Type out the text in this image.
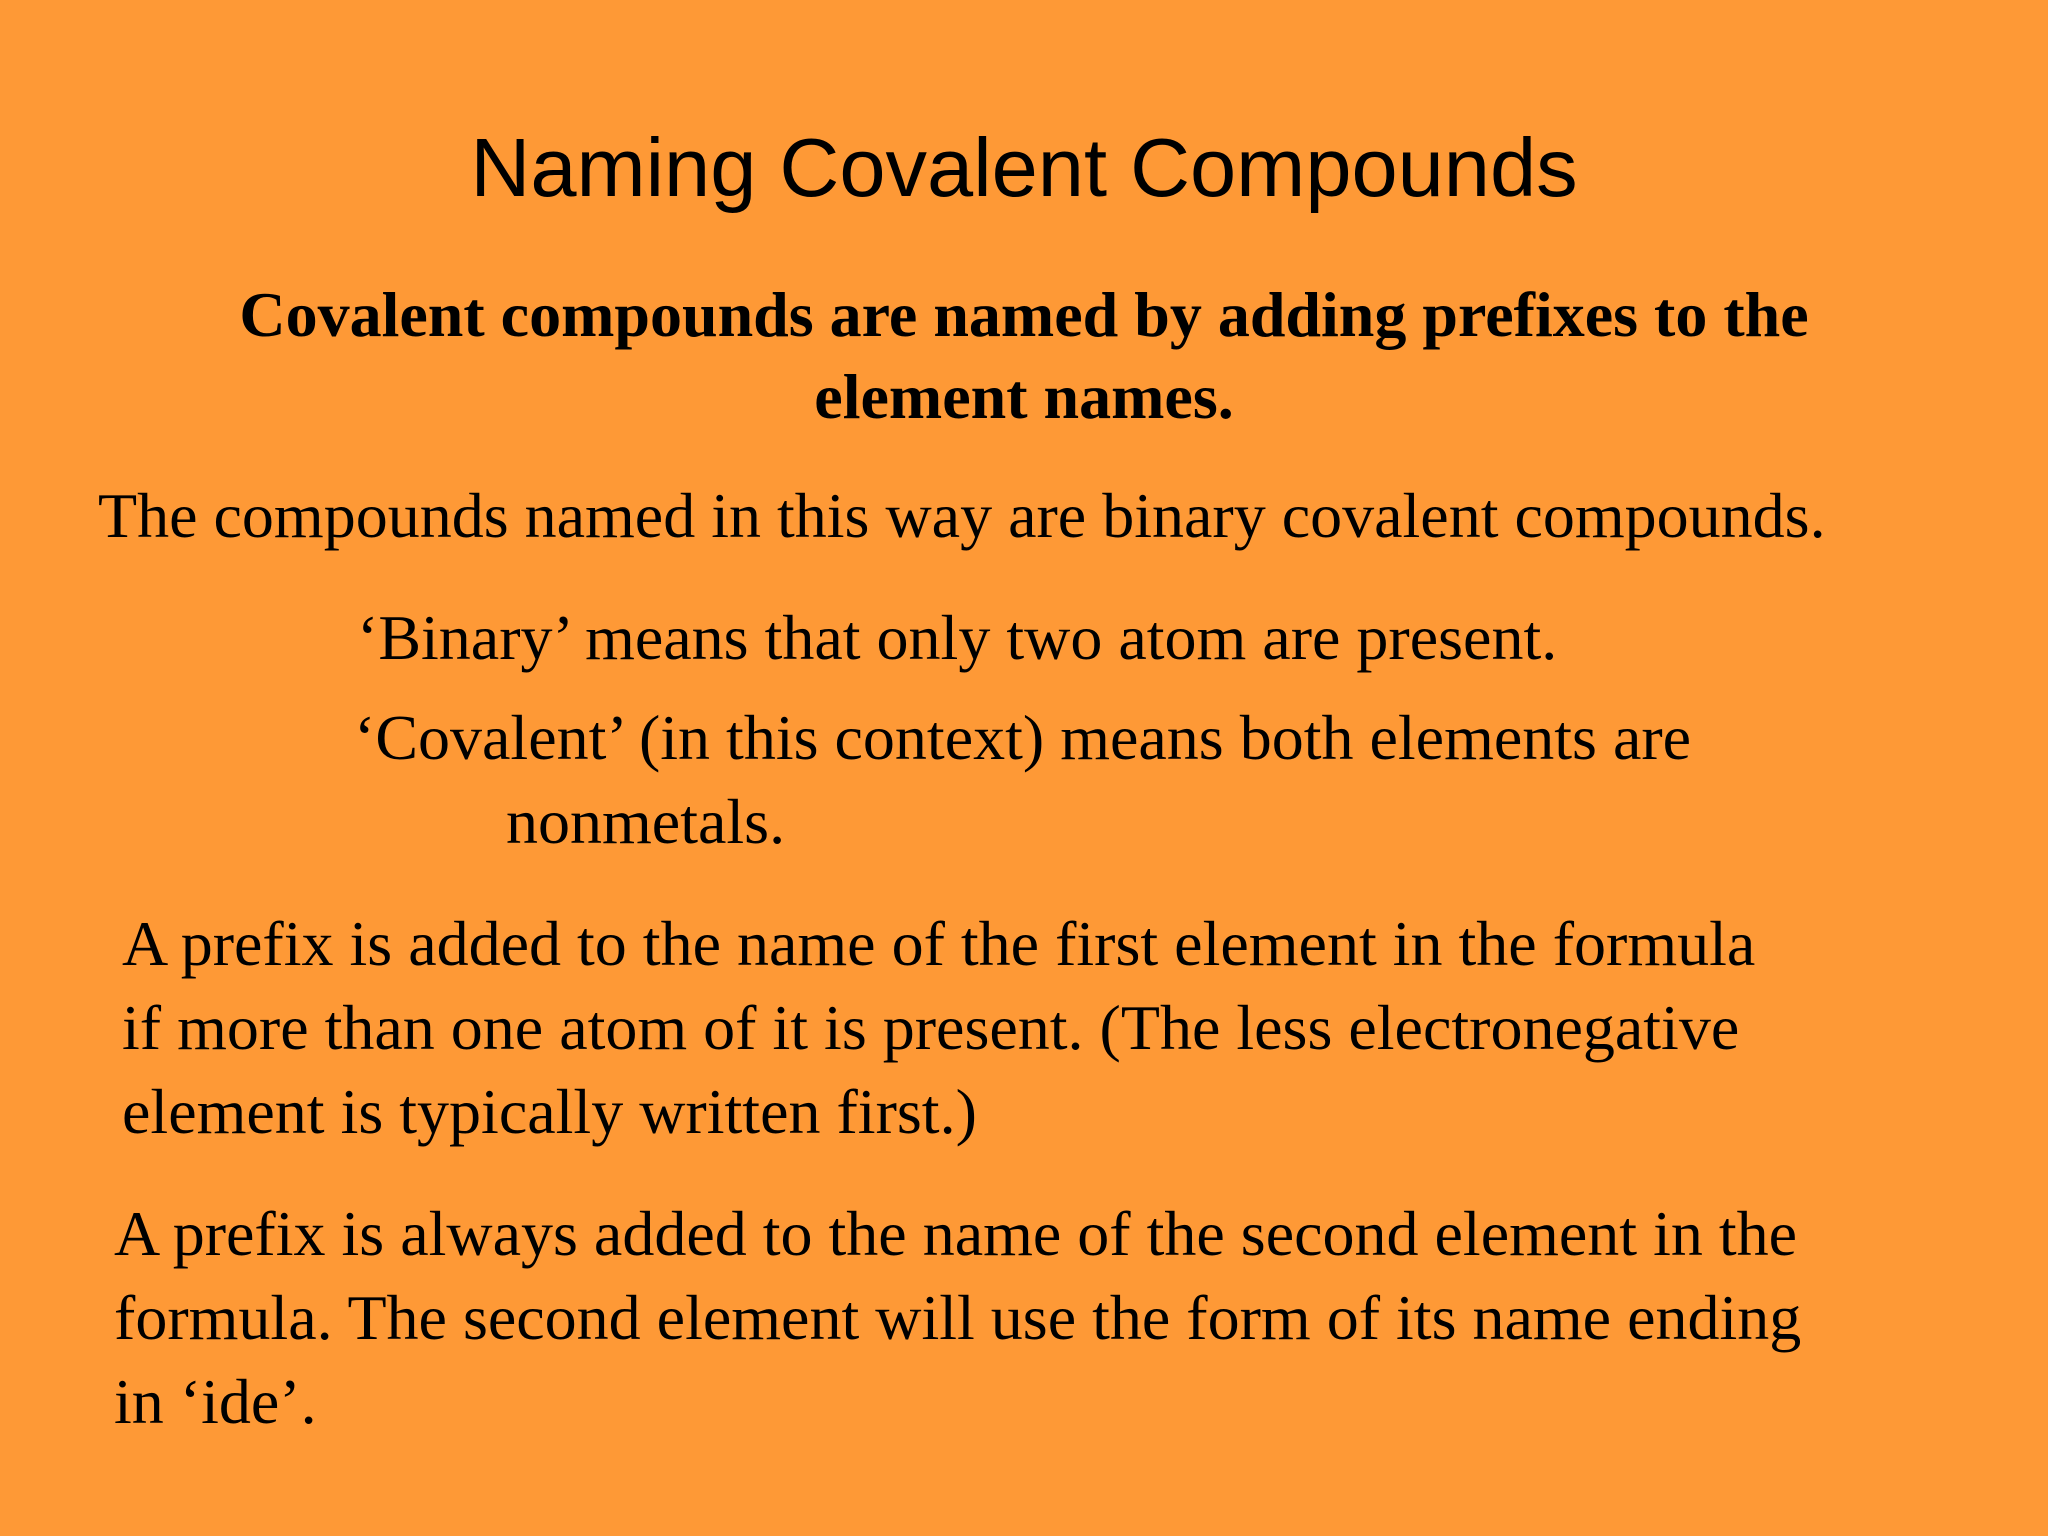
Naming Covalent Compounds
Covalent compounds are named by adding prefixes to the
element names.

The compounds named in this way are binary covalent compounds.

‘Binary’ means that only two atom are present.

‘Covalent’ (in this context) means both elements are
nonmetals.

A prefix is added to the name of the first element in the formula
if more than one atom of it is present. (The less electronegative
element is typically written first.)

A prefix is always added to the name of the second element in the
formula. The second element will use the form of its name ending
in ‘ide’.
